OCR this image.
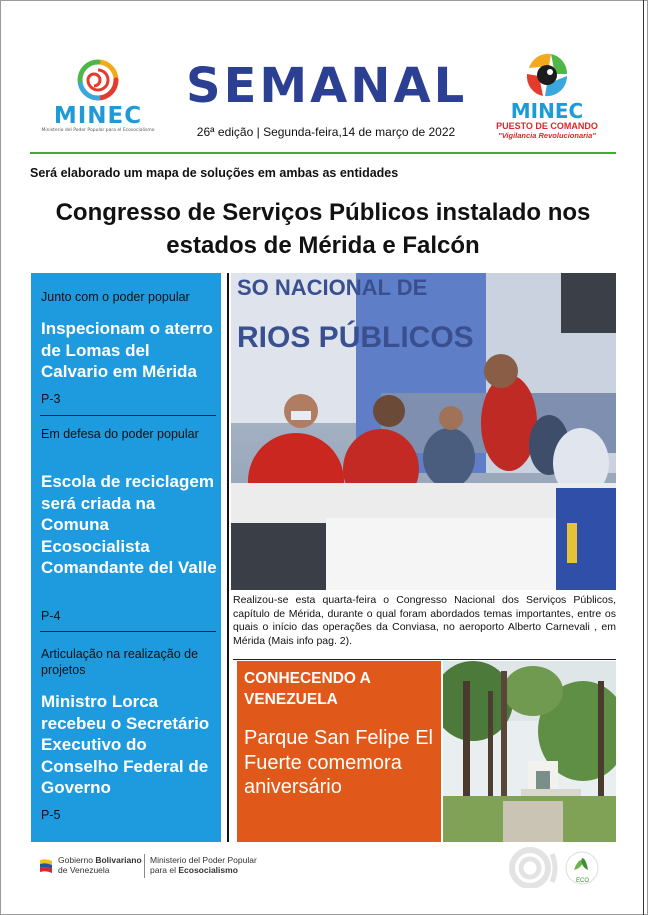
MINEC
Ministerio del Poder Popular para el Ecosocialismo
SEMANAL
26ª edição | Segunda-feira,14 de março de 2022
MINEC
PUESTO DE COMANDO
"Vigilancia Revolucionaria"
Será elaborado um mapa de soluções em ambas as entidades
Congresso de Serviços Públicos instalado nos estados de Mérida e Falcón
Junto com o poder popular
Inspecionam o aterro de Lomas del Calvario em Mérida
P-3
Em defesa do poder popular
Escola de reciclagem será criada na Comuna Ecosocialista Comandante del Valle
P-4
Articulação na realização de projetos
Ministro Lorca recebeu o Secretário Executivo do Conselho Federal de Governo
P-5
SO NACIONAL DE
RIOS PÚBLICOS
Realizou-se esta quarta-feira o Congresso Nacional dos Serviços Públicos, capítulo de Mérida, durante o qual foram abordados temas importantes, entre os quais o início das operações da Conviasa, no aeroporto Alberto Carnevali , em Mérida (Mais info pag. 2).
CONHECENDO A VENEZUELA
Parque San Felipe El Fuerte comemora aniversário
Gobierno Bolivariano
de Venezuela
Ministerio del Poder Popular
para el Ecosocialismo
ECO
